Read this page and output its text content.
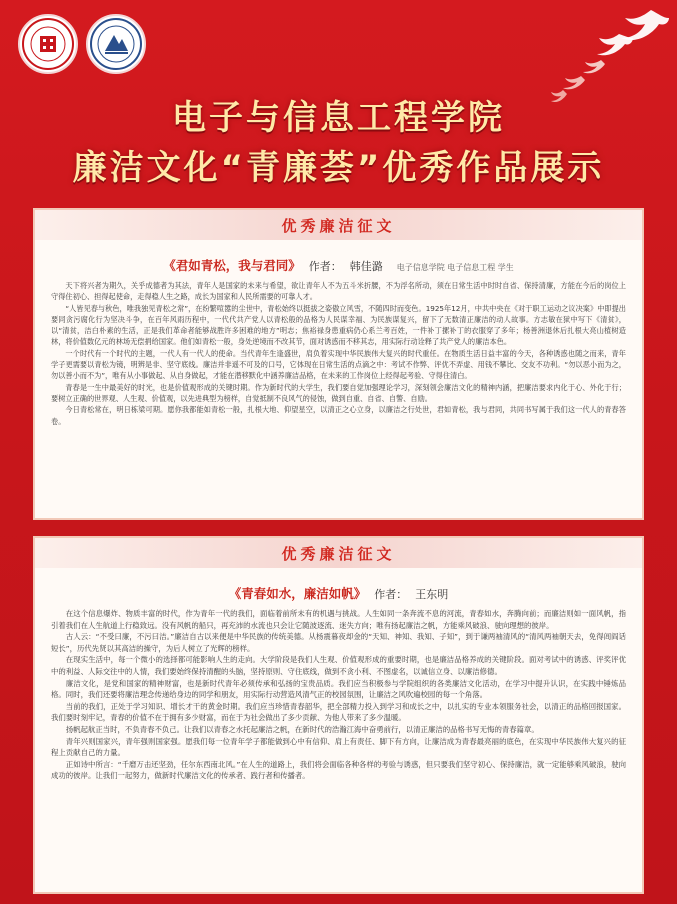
电子与信息工程学院
廉洁文化“青廉荟”优秀作品展示
优秀廉洁征文
《君如青松，我与君同》 作者： 韩佳潞 电子信息学院 电子信息工程 学生

天下将兴者为期久，关乎成德者为其法，青年人是国家的未来与希望，欲让青年人不为五斗米折腰，不为浮名所动，须在日常生活中时时自省、保持清廉，方能在今后的岗位上守得住初心、担得起使命，走得稳人生之路，成长为国家和人民所需要的可靠人才。

“人皆见春与秋色，唯我独见青松之常”，在纷繁喧嚣的尘世中，青松始终以挺拔之姿傲立风雪，不随四时而变色。1925年12月，中共中央在《对于职工运动之议决案》中即提出要同贪污腐化行为坚决斗争，在百年风雨历程中，一代代共产党人以青松般的品格为人民谋幸福、为民族谋复兴，留下了无数清正廉洁的动人故事。方志敏在狱中写下《清贫》，以“清贫，洁白朴素的生活，正是我们革命者能够战胜许多困难的地方”明志；焦裕禄身患重病仍心系兰考百姓，一件补丁摞补丁的衣服穿了多年；杨善洲退休后扎根大亮山植树造林，将价值数亿元的林场无偿捐给国家。他们如青松一般，身处逆境而不改其节，面对诱惑而不移其志，用实际行动诠释了共产党人的廉洁本色。

一个时代有一个时代的主题，一代人有一代人的使命。当代青年生逢盛世，肩负着实现中华民族伟大复兴的时代重任。在物质生活日益丰富的今天，各种诱惑也随之而来，青年学子更需要以青松为镜，明辨是非、坚守底线。廉洁并非遥不可及的口号，它体现在日常生活的点滴之中：考试不作弊、评优不弄虚、用钱不攀比、交友不功利。“勿以恶小而为之，勿以善小而不为”，唯有从小事做起、从自身做起，才能在潜移默化中涵养廉洁品格，在未来的工作岗位上经得起考验、守得住清白。

青春是一生中最美好的时光，也是价值观形成的关键时期。作为新时代的大学生，我们要自觉加强理论学习，深刻领会廉洁文化的精神内涵，把廉洁要求内化于心、外化于行；要树立正确的世界观、人生观、价值观，以先进典型为榜样，自觉抵制不良风气的侵蚀，做到自重、自省、自警、自励。

今日青松常在，明日栋梁可期。愿你我都能如青松一般，扎根大地、仰望星空，以清正之心立身，以廉洁之行处世，君如青松，我与君同，共同书写属于我们这一代人的青春答卷。

优秀廉洁征文
《青春如水，廉洁如帆》 作者： 王东明

在这个信息爆炸、物质丰富的时代，作为青年一代的我们，面临着前所未有的机遇与挑战。人生如同一条奔流不息的河流，青春如水，奔腾向前；而廉洁则如一面风帆，指引着我们在人生航道上行稳致远。没有风帆的船只，再充沛的水流也只会让它随波逐流、迷失方向；唯有扬起廉洁之帆，方能乘风破浪、驶向理想的彼岸。

古人云：“不受曰廉，不污曰洁。”廉洁自古以来便是中华民族的传统美德。从杨震暮夜却金的“天知、神知、我知、子知”，到于谦两袖清风的“清风两袖朝天去，免得闾阎话短长”，历代先贤以其高洁的操守，为后人树立了光辉的榜样。

在现实生活中，每一个微小的选择都可能影响人生的走向。大学阶段是我们人生观、价值观形成的重要时期，也是廉洁品格养成的关键阶段。面对考试中的诱惑、评奖评优中的利益、人际交往中的人情，我们要始终保持清醒的头脑，坚持原则、守住底线，做到不贪小利、不图虚名，以诚信立身、以廉洁修德。

廉洁文化，是党和国家的精神财富，也是新时代青年必须传承和弘扬的宝贵品质。我们应当积极参与学院组织的各类廉洁文化活动，在学习中提升认识，在实践中锤炼品格。同时，我们还要将廉洁理念传递给身边的同学和朋友，用实际行动营造风清气正的校园氛围，让廉洁之风吹遍校园的每一个角落。

当前的我们，正处于学习知识、增长才干的黄金时期。我们应当珍惜青春韶华，把全部精力投入到学习和成长之中，以扎实的专业本领服务社会，以清正的品格回报国家。我们要时刻牢记，青春的价值不在于拥有多少财富，而在于为社会做出了多少贡献、为他人带来了多少温暖。

扬帆起航正当时，不负青春不负己。让我们以青春之水托起廉洁之帆，在新时代的浩瀚江海中奋勇前行，以清正廉洁的品格书写无悔的青春篇章。

青年兴则国家兴，青年强则国家强。愿我们每一位青年学子都能做到心中有信仰、肩上有责任、脚下有方向，让廉洁成为青春最亮丽的底色，在实现中华民族伟大复兴的征程上贡献自己的力量。

正如诗中所言：“千磨万击还坚劲，任尔东西南北风。”在人生的道路上，我们将会面临各种各样的考验与诱惑，但只要我们坚守初心、保持廉洁，就一定能够乘风破浪，驶向成功的彼岸。让我们一起努力，做新时代廉洁文化的传承者、践行者和传播者。
